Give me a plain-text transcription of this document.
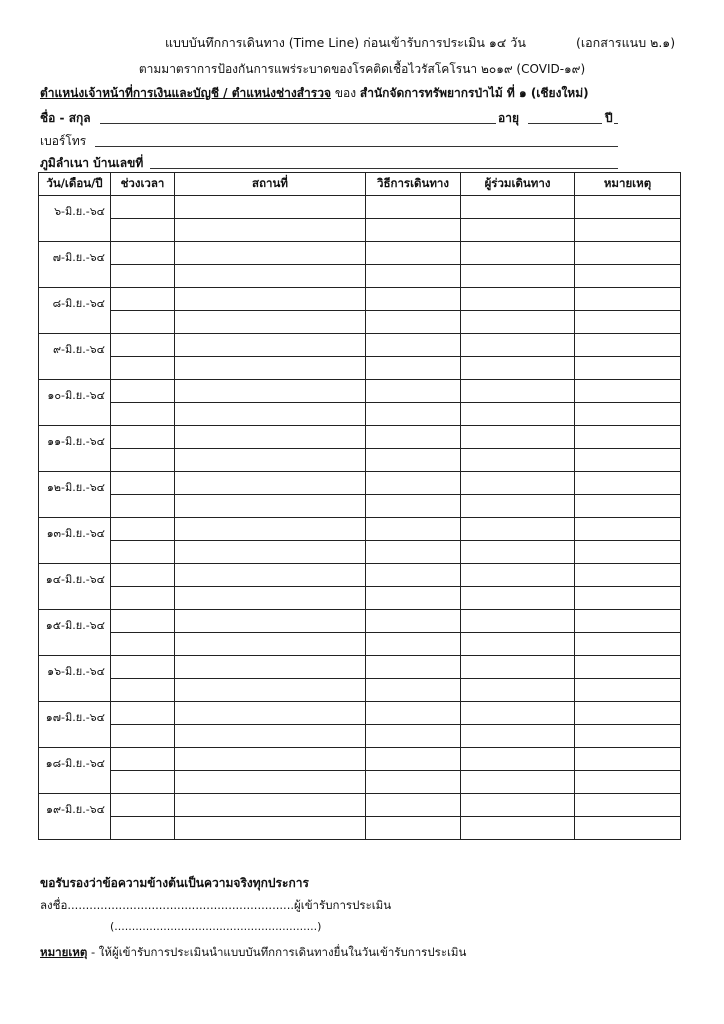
แบบบันทึกการเดินทาง (Time Line) ก่อนเข้ารับการประเมิน ๑๔ วัน	(เอกสารแนบ ๒.๑)
ตามมาตราการป้องกันการแพร่ระบาดของโรคติดเชื้อไวรัสโคโรนา ๒๐๑๙ (COVID-๑๙)
ตำแหน่งเจ้าหน้าที่การเงินและบัญชี / ตำแหน่งช่างสำรวจ ของ สำนักจัดการทรัพยากรป่าไม้ ที่ ๑ (เชียงใหม่)
ชื่อ - สกุล	อายุ	ปี
เบอร์โทร
ภูมิลำเนา บ้านเลขที่
วัน/เดือน/ปี	ช่วงเวลา	สถานที่	วิธีการเดินทาง	ผู้ร่วมเดินทาง	หมายเหตุ
๖-มิ.ย.-๖๔					

๗-มิ.ย.-๖๔					

๘-มิ.ย.-๖๔					

๙-มิ.ย.-๖๔					

๑๐-มิ.ย.-๖๔					

๑๑-มิ.ย.-๖๔					

๑๒-มิ.ย.-๖๔					

๑๓-มิ.ย.-๖๔					

๑๔-มิ.ย.-๖๔					

๑๕-มิ.ย.-๖๔					

๑๖-มิ.ย.-๖๔					

๑๗-มิ.ย.-๖๔					

๑๘-มิ.ย.-๖๔					

๑๙-มิ.ย.-๖๔					

ขอรับรองว่าข้อความข้างต้นเป็นความจริงทุกประการ
ลงชื่อ..............................................................ผู้เข้ารับการประเมิน
(..........................................................)
หมายเหตุ - ให้ผู้เข้ารับการประเมินนำแบบบันทึกการเดินทางยื่นในวันเข้ารับการประเมิน
